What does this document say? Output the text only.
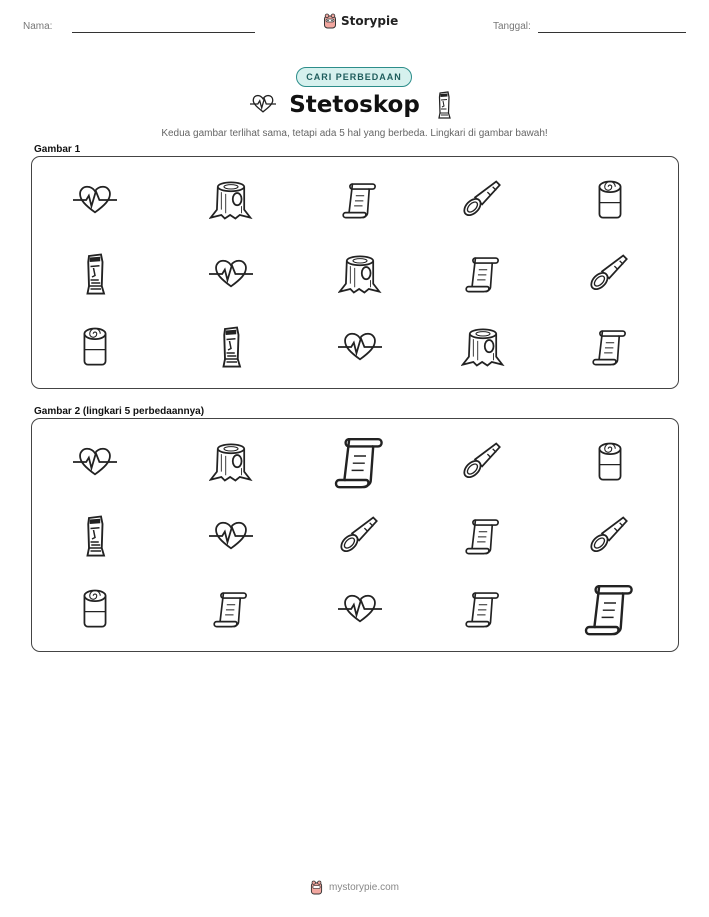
Nama:	Storypie	Tanggal:
CARI PERBEDAAN
Stetoskop
Kedua gambar terlihat sama, tetapi ada 5 hal yang berbeda. Lingkari di gambar bawah!
Gambar 1
Gambar 2 (lingkari 5 perbedaannya)
mystorypie.com
